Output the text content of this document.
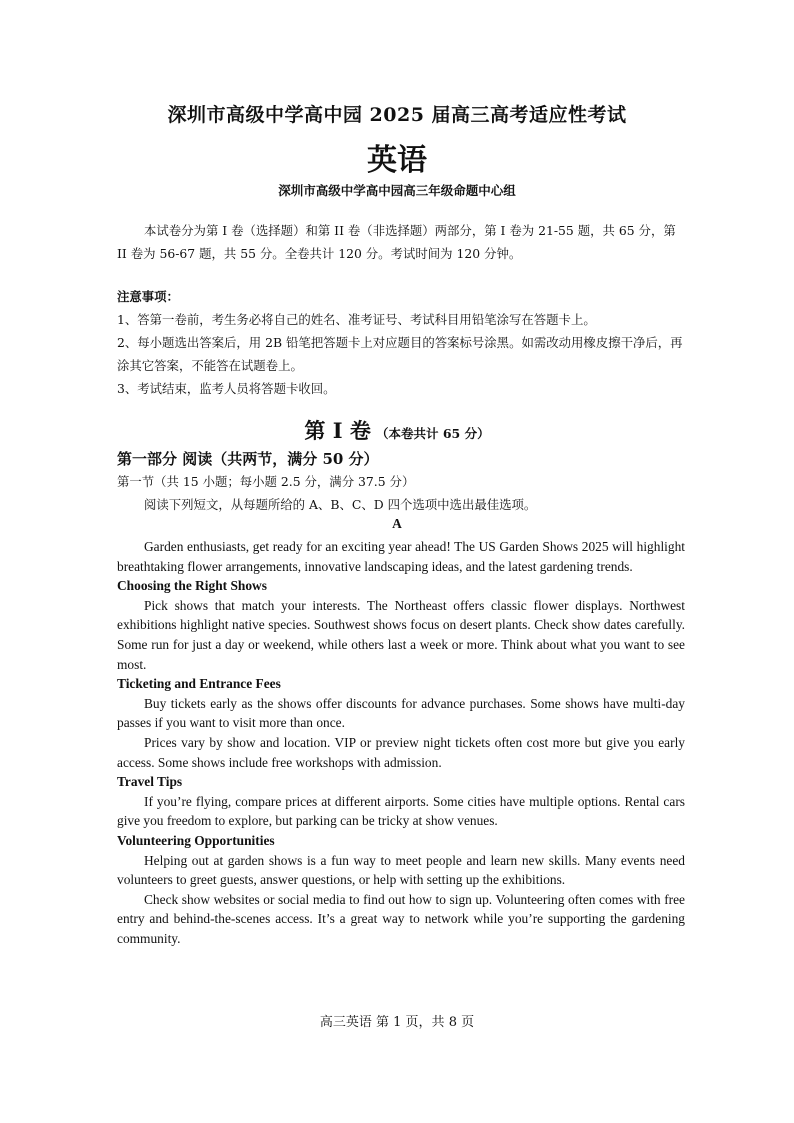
深圳市高级中学高中园 2025 届高三高考适应性考试
英语
深圳市高级中学高中园高三年级命题中心组

本试卷分为第 I 卷（选择题）和第 II 卷（非选择题）两部分，第 I 卷为 21-55 题，共 65 分，第 II 卷为 56-67 题，共 55 分。全卷共计 120 分。考试时间为 120 分钟。

注意事项：

1、答第一卷前，考生务必将自己的姓名、准考证号、考试科目用铅笔涂写在答题卡上。

2、每小题选出答案后，用 2B 铅笔把答题卡上对应题目的答案标号涂黑。如需改动用橡皮擦干净后，再涂其它答案，不能答在试题卷上。

3、考试结束，监考人员将答题卡收回。

第 I 卷 （本卷共计 65 分）
第一部分 阅读（共两节，满分 50 分）

第一节（共 15 小题；每小题 2.5 分，满分 37.5 分）

阅读下列短文，从每题所给的 A、B、C、D 四个选项中选出最佳选项。

A

Garden enthusiasts, get ready for an exciting year ahead! The US Garden Shows 2025 will highlight breathtaking flower arrangements, innovative landscaping ideas, and the latest gardening trends.

Choosing the Right Shows

Pick shows that match your interests. The Northeast offers classic flower displays. Northwest exhibitions highlight native species. Southwest shows focus on desert plants. Check show dates carefully. Some run for just a day or weekend, while others last a week or more. Think about what you want to see most.

Ticketing and Entrance Fees

Buy tickets early as the shows offer discounts for advance purchases. Some shows have multi-day passes if you want to visit more than once.

Prices vary by show and location. VIP or preview night tickets often cost more but give you early access. Some shows include free workshops with admission.

Travel Tips

If you’re flying, compare prices at different airports. Some cities have multiple options. Rental cars give you freedom to explore, but parking can be tricky at show venues.

Volunteering Opportunities

Helping out at garden shows is a fun way to meet people and learn new skills. Many events need volunteers to greet guests, answer questions, or help with setting up the exhibitions.

Check show websites or social media to find out how to sign up. Volunteering often comes with free entry and behind-the-scenes access. It’s a great way to network while you’re supporting the gardening community.

高三英语 第 1 页，共 8 页
